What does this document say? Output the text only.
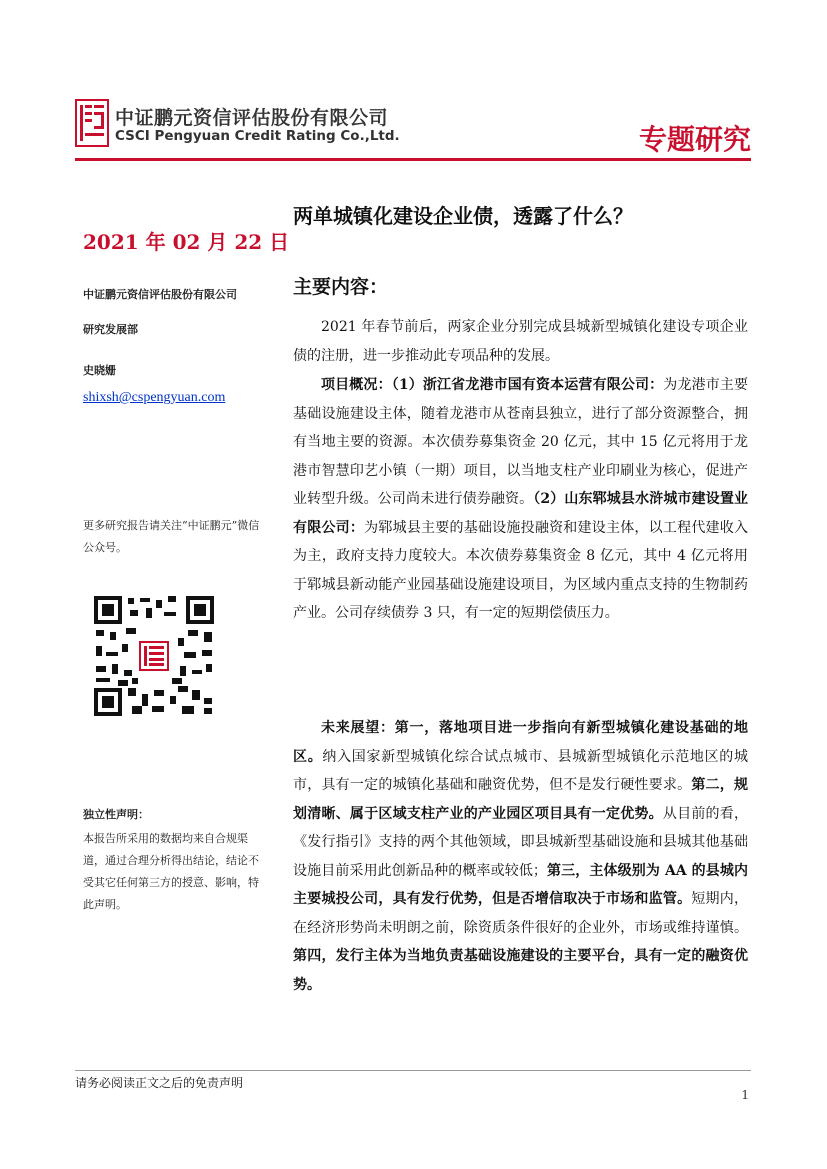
中证鹏元资信评估股份有限公司
CSCI Pengyuan Credit Rating Co.,Ltd.	专题研究
2021 年 02 月 22 日
中证鹏元资信评估股份有限公司
研究发展部
史晓姗
shixsh@cspengyuan.com
更多研究报告请关注“中证鹏元”微信公众号。
独立性声明：
本报告所采用的数据均来自合规渠道，通过合理分析得出结论，结论不受其它任何第三方的授意、影响，特此声明。
两单城镇化建设企业债，透露了什么？
主要内容：

2021 年春节前后，两家企业分别完成县城新型城镇化建设专项企业债的注册，进一步推动此专项品种的发展。

项目概况：（1）浙江省龙港市国有资本运营有限公司：为龙港市主要基础设施建设主体，随着龙港市从苍南县独立，进行了部分资源整合，拥有当地主要的资源。本次债券募集资金 20 亿元，其中 15 亿元将用于龙港市智慧印艺小镇（一期）项目，以当地支柱产业印刷业为核心，促进产业转型升级。公司尚未进行债券融资。（2）山东郓城县水浒城市建设置业有限公司：为郓城县主要的基础设施投融资和建设主体，以工程代建收入为主，政府支持力度较大。本次债券募集资金 8 亿元，其中 4 亿元将用于郓城县新动能产业园基础设施建设项目，为区域内重点支持的生物制药产业。公司存续债券 3 只，有一定的短期偿债压力。

未来展望：第一，落地项目进一步指向有新型城镇化建设基础的地区。纳入国家新型城镇化综合试点城市、县城新型城镇化示范地区的城市，具有一定的城镇化基础和融资优势，但不是发行硬性要求。第二，规划清晰、属于区域支柱产业的产业园区项目具有一定优势。从目前的看，《发行指引》支持的两个其他领域，即县城新型基础设施和县城其他基础设施目前采用此创新品种的概率或较低；第三，主体级别为 AA 的县城内主要城投公司，具有发行优势，但是否增信取决于市场和监管。短期内，在经济形势尚未明朗之前，除资质条件很好的企业外，市场或维持谨慎。第四，发行主体为当地负责基础设施建设的主要平台，具有一定的融资优势。

请务必阅读正文之后的免责声明
1
